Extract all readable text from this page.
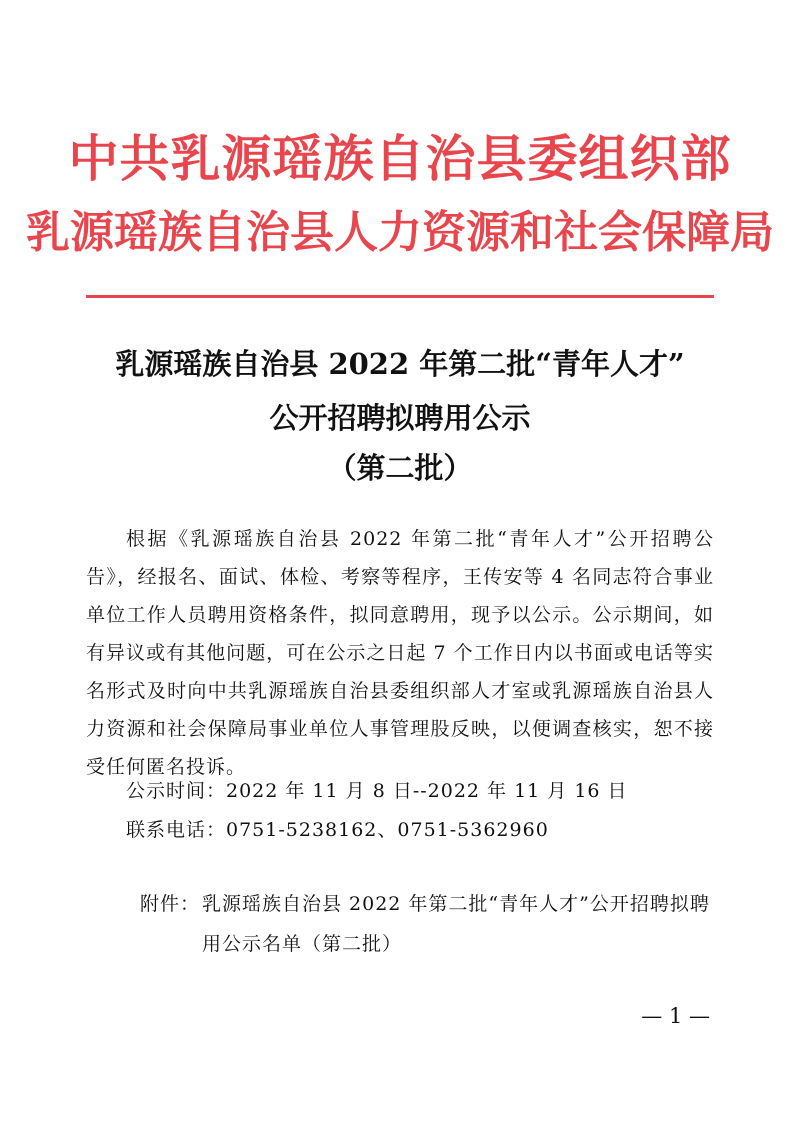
中共乳源瑶族自治县委组织部
乳源瑶族自治县人力资源和社会保障局
乳源瑶族自治县 2022 年第二批“青年人才”
公开招聘拟聘用公示
（第二批）
根据《乳源瑶族自治县 2022 年第二批“青年人才”公开招聘公告》，经报名、面试、体检、考察等程序，王传安等 4 名同志符合事业单位工作人员聘用资格条件，拟同意聘用，现予以公示。公示期间，如有异议或有其他问题，可在公示之日起 7 个工作日内以书面或电话等实名形式及时向中共乳源瑶族自治县委组织部人才室或乳源瑶族自治县人力资源和社会保障局事业单位人事管理股反映，以便调查核实，恕不接受任何匿名投诉。
公示时间：2022 年 11 月 8 日--2022 年 11 月 16 日
联系电话：0751-5238162、0751-5362960
附件： 乳源瑶族自治县 2022 年第二批“青年人才”公开招聘拟聘用公示名单（第二批）
— 1 —
